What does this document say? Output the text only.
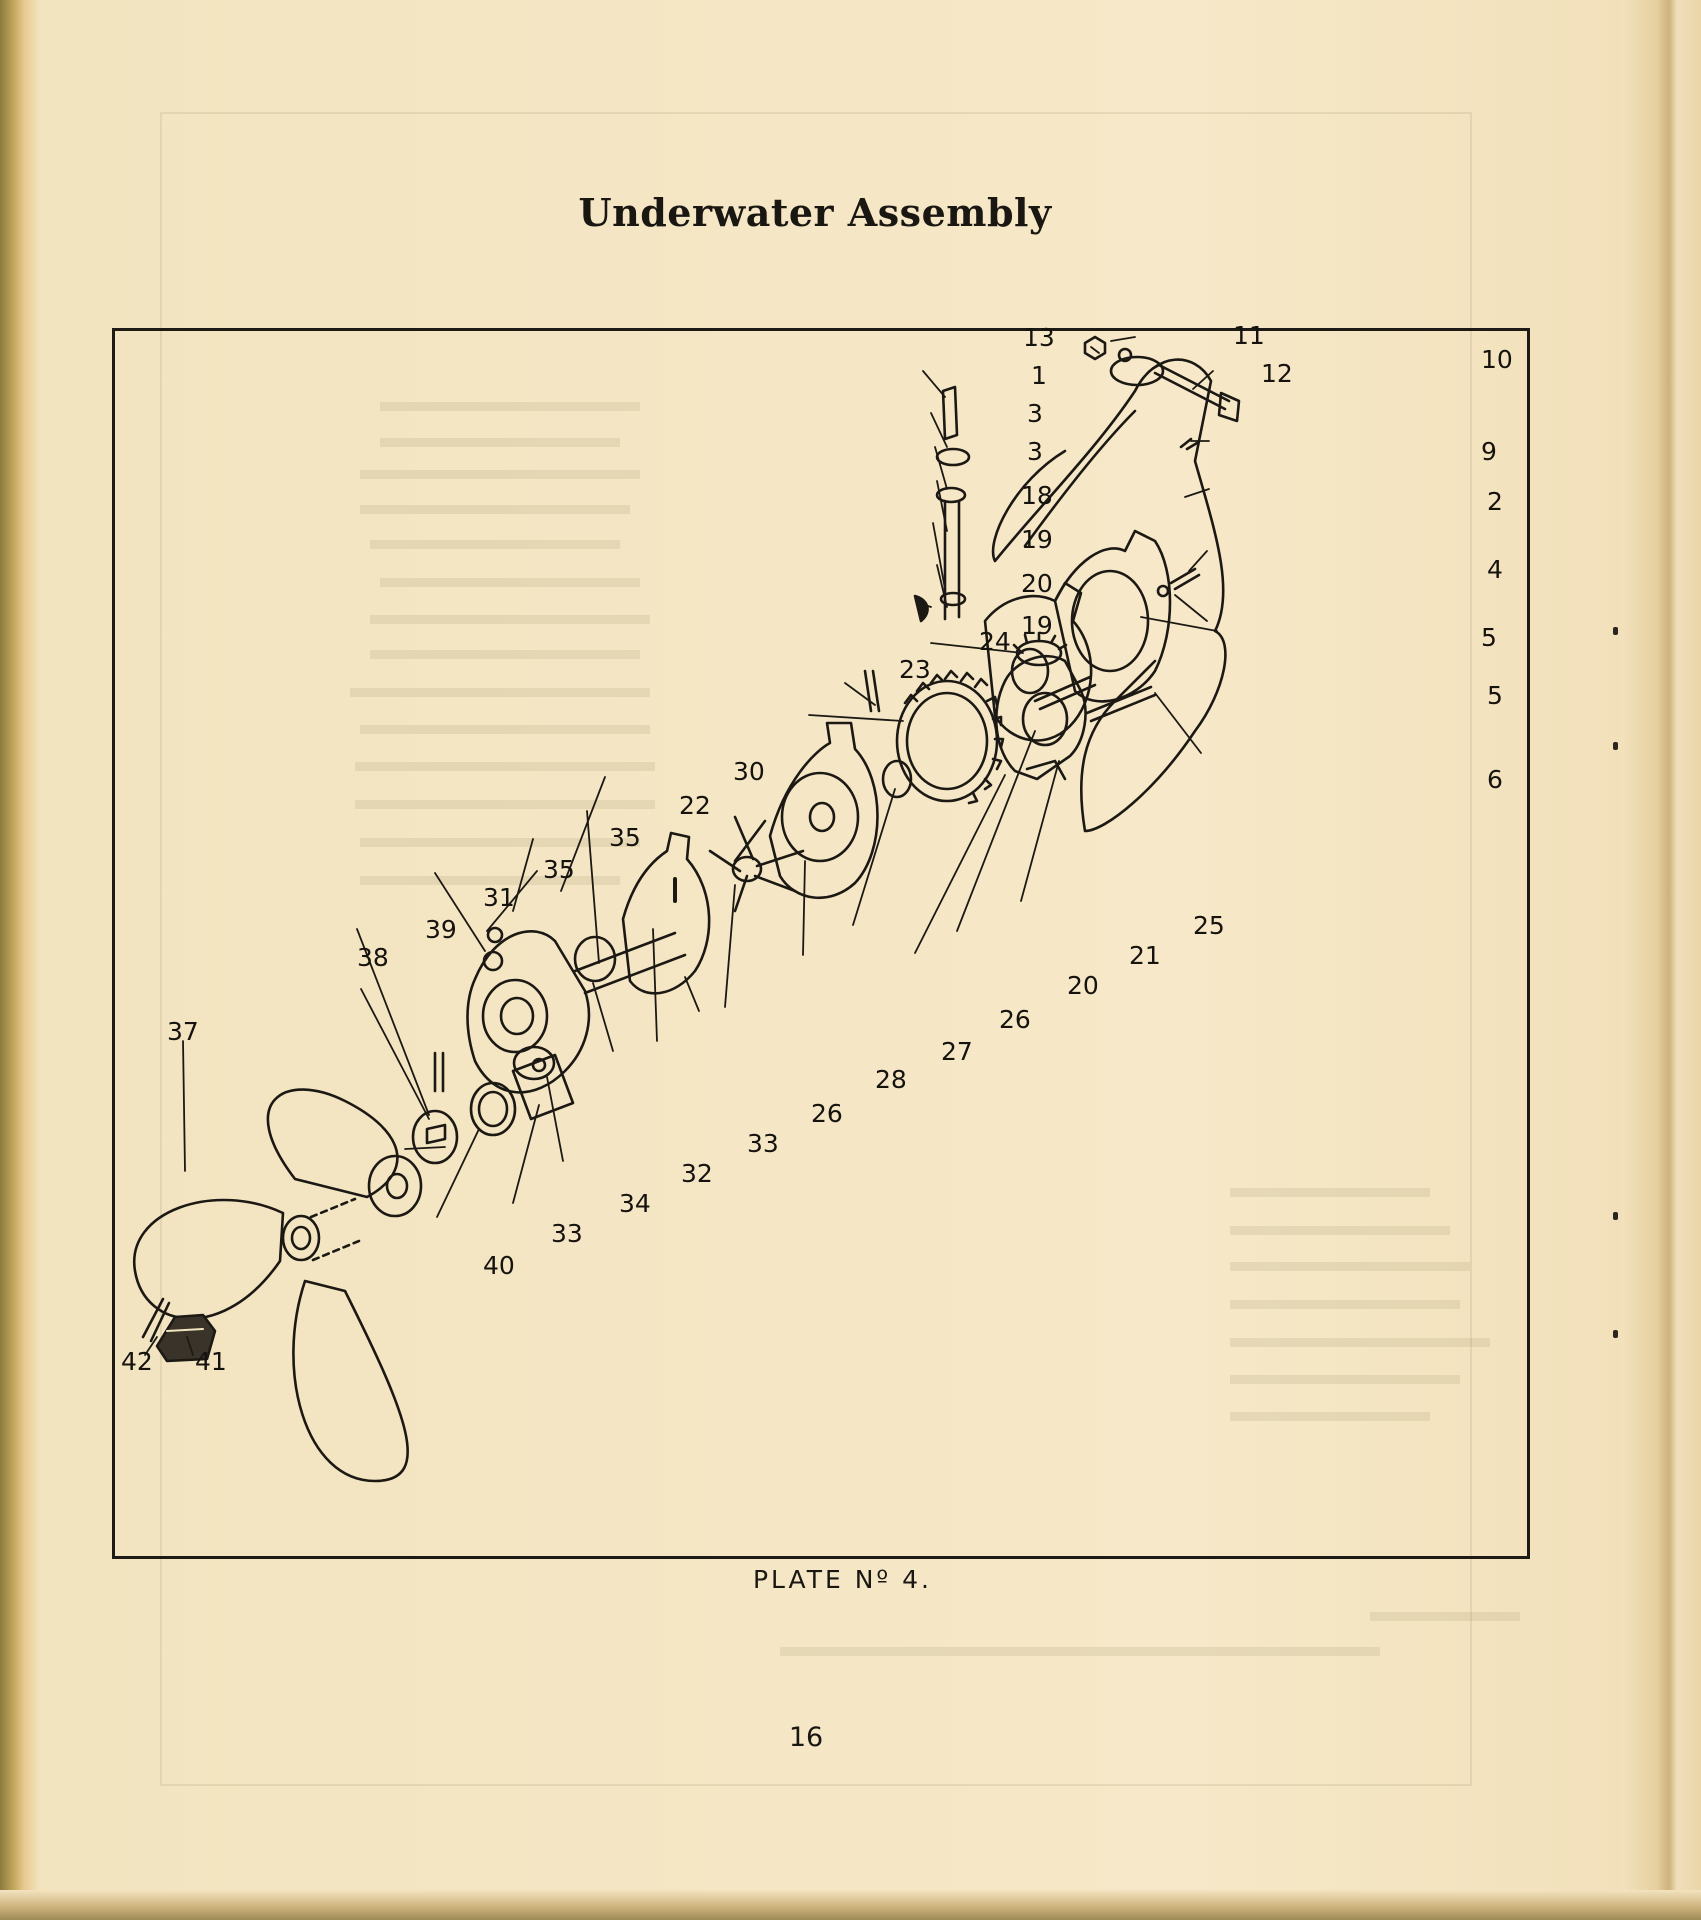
Underwater Assembly
13
1
3
3
18
19
20
19
24
23
11
12	10
9
2
4
5
5
6
25
21
20
26
27
28
26
33
32
34
33
40
30
22
35
35
31
39
38
37
42 41
PLATE Nº 4.
16
